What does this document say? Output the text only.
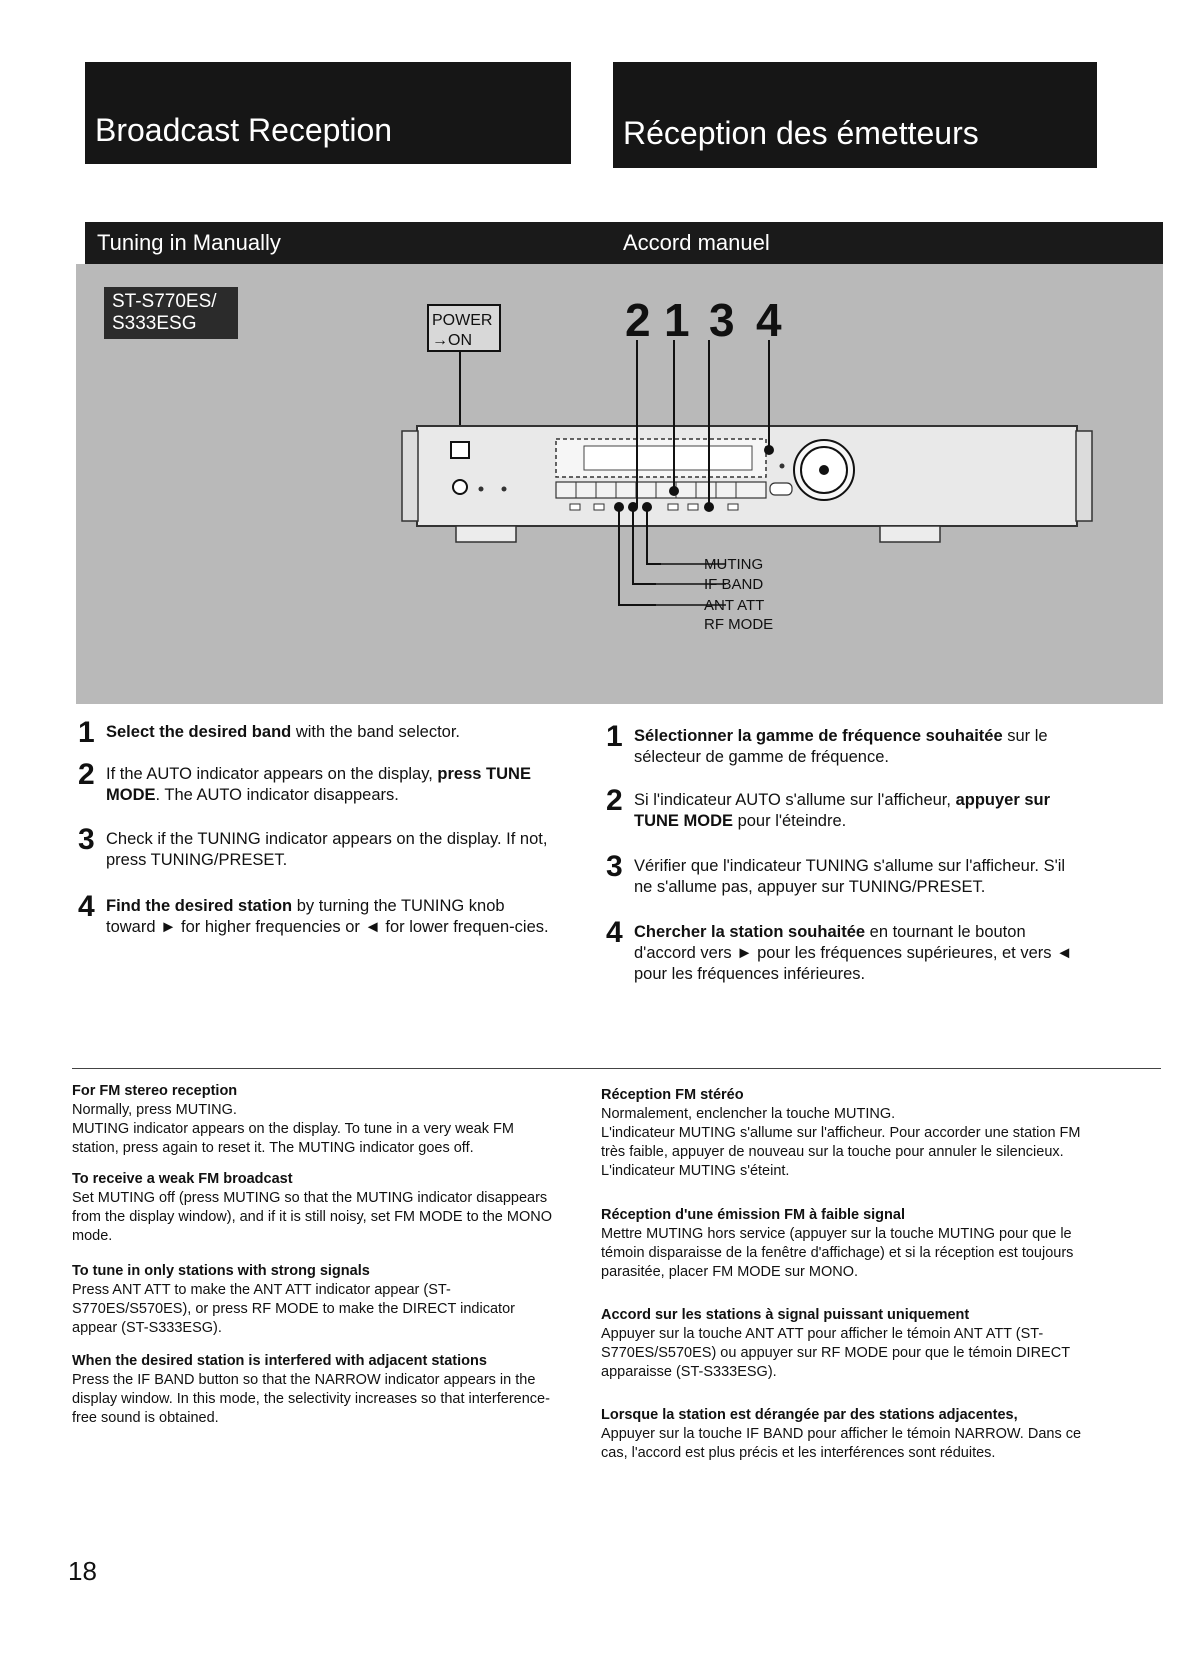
Broadcast Reception	Réception des émetteurs
Tuning in Manually	Accord manuel
ST-S770ES/
S333ESG	POWER
→ON	2 1 3 4
MUTING
IF BAND
ANT ATT
RF MODE
1 Select the desired band with the band selector.
2 If the AUTO indicator appears on the display, press TUNE MODE. The AUTO indicator disappears.
3 Check if the TUNING indicator appears on the display. If not, press TUNING/PRESET.
4 Find the desired station by turning the TUNING knob toward ► for higher frequencies or ◄ for lower frequen-cies.
1 Sélectionner la gamme de fréquence souhaitée sur le sélecteur de gamme de fréquence.
2 Si l'indicateur AUTO s'allume sur l'afficheur, appuyer sur TUNE MODE pour l'éteindre.
3 Vérifier que l'indicateur TUNING s'allume sur l'afficheur. S'il ne s'allume pas, appuyer sur TUNING/PRESET.
4 Chercher la station souhaitée en tournant le bouton d'accord vers ► pour les fréquences supérieures, et vers ◄ pour les fréquences inférieures.
For FM stereo reception
Normally, press MUTING.
MUTING indicator appears on the display. To tune in a very weak FM station, press again to reset it. The MUTING indicator goes off.
To receive a weak FM broadcast
Set MUTING off (press MUTING so that the MUTING indicator disappears from the display window), and if it is still noisy, set FM MODE to the MONO mode.
To tune in only stations with strong signals
Press ANT ATT to make the ANT ATT indicator appear (ST-S770ES/S570ES), or press RF MODE to make the DIRECT indicator appear (ST-S333ESG).
When the desired station is interfered with adjacent stations
Press the IF BAND button so that the NARROW indicator appears in the display window. In this mode, the selectivity increases so that interference-free sound is obtained.
Réception FM stéréo
Normalement, enclencher la touche MUTING.
L'indicateur MUTING s'allume sur l'afficheur. Pour accorder une station FM très faible, appuyer de nouveau sur la touche pour annuler le silencieux. L'indicateur MUTING s'éteint.
Réception d'une émission FM à faible signal
Mettre MUTING hors service (appuyer sur la touche MUTING pour que le témoin disparaisse de la fenêtre d'affichage) et si la réception est toujours parasitée, placer FM MODE sur MONO.
Accord sur les stations à signal puissant uniquement
Appuyer sur la touche ANT ATT pour afficher le témoin ANT ATT (ST-S770ES/S570ES) ou appuyer sur RF MODE pour que le témoin DIRECT apparaisse (ST-S333ESG).
Lorsque la station est dérangée par des stations adjacentes,
Appuyer sur la touche IF BAND pour afficher le témoin NARROW. Dans ce cas, l'accord est plus précis et les interférences sont réduites.
18
